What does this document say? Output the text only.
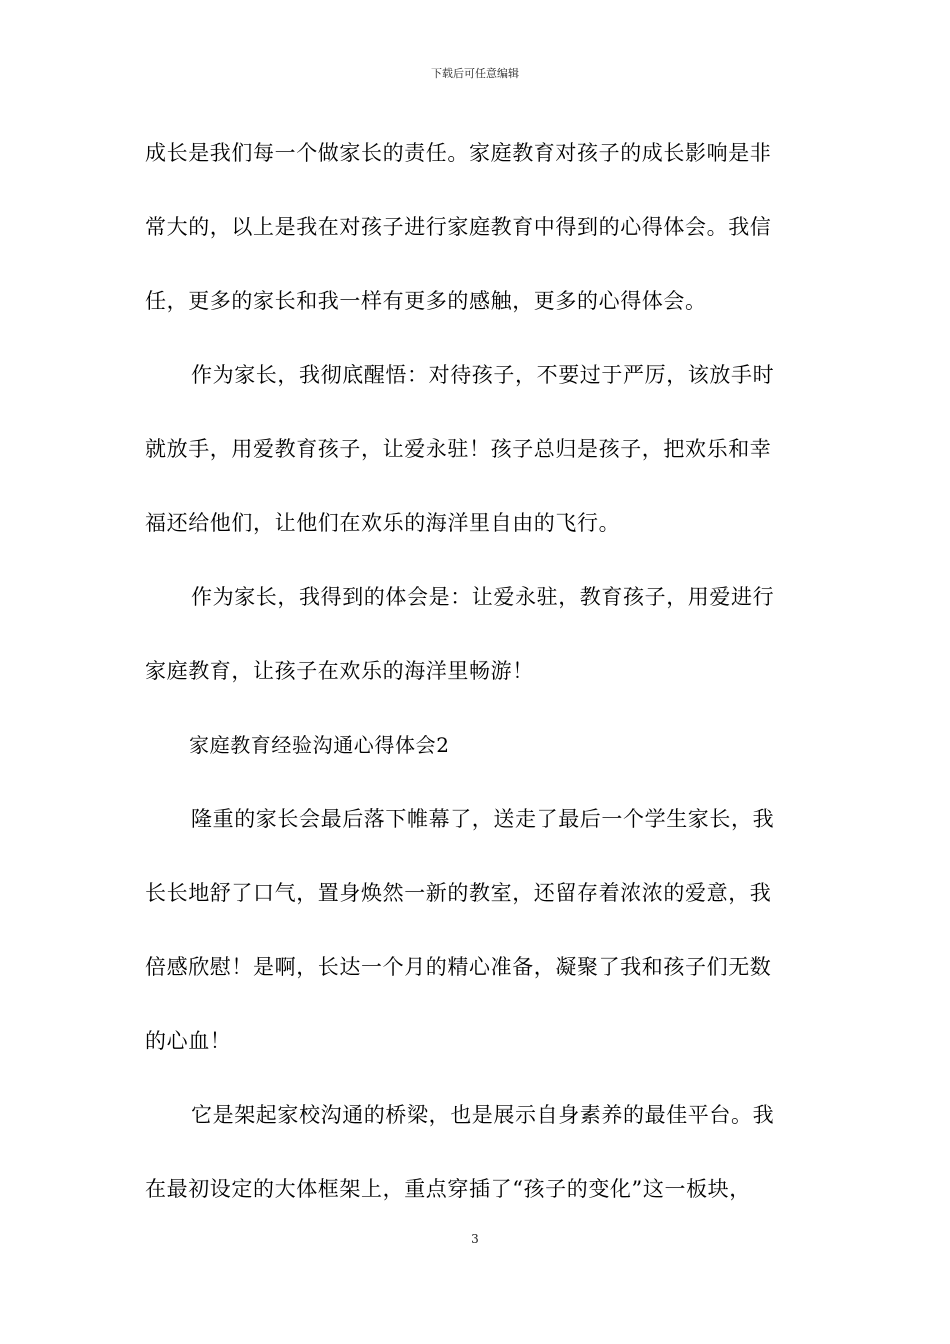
下载后可任意编辑
成长是我们每一个做家长的责任。家庭教育对孩子的成长影响是非
常大的，以上是我在对孩子进行家庭教育中得到的心得体会。我信
任，更多的家长和我一样有更多的感触，更多的心得体会。
作为家长，我彻底醒悟：对待孩子，不要过于严厉，该放手时
就放手，用爱教育孩子，让爱永驻！孩子总归是孩子，把欢乐和幸
福还给他们，让他们在欢乐的海洋里自由的飞行。
作为家长，我得到的体会是：让爱永驻，教育孩子，用爱进行
家庭教育，让孩子在欢乐的海洋里畅游！
家庭教育经验沟通心得体会2
隆重的家长会最后落下帷幕了，送走了最后一个学生家长，我
长长地舒了口气，置身焕然一新的教室，还留存着浓浓的爱意，我
倍感欣慰！是啊，长达一个月的精心准备，凝聚了我和孩子们无数
的心血！
它是架起家校沟通的桥梁，也是展示自身素养的最佳平台。我
在最初设定的大体框架上，重点穿插了“孩子的变化”这一板块，
3
